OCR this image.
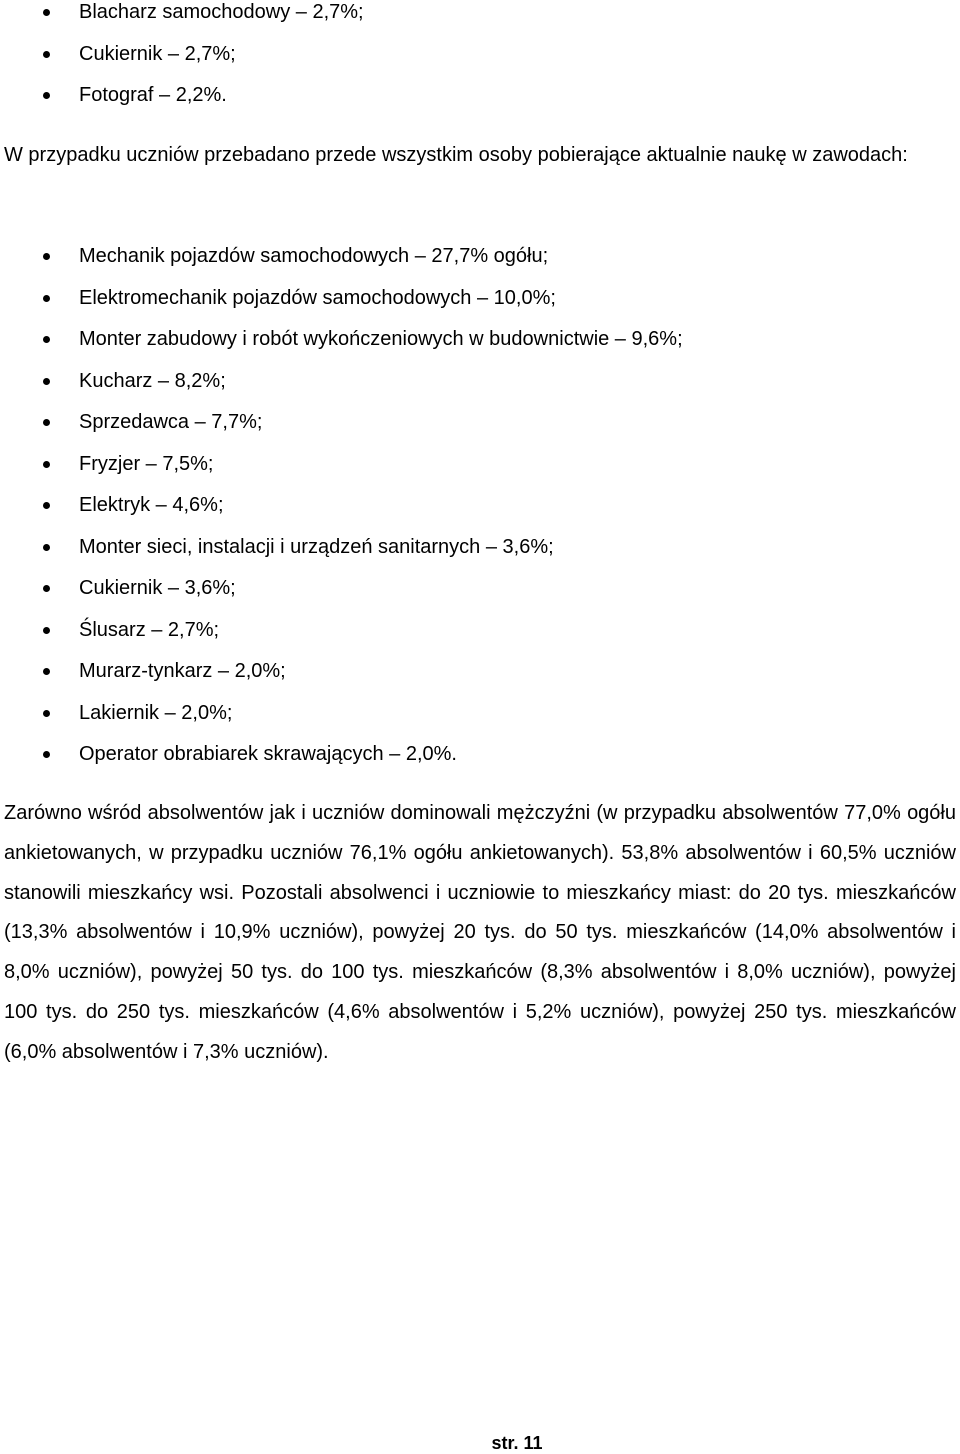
Blacharz samochodowy – 2,7%;
Cukiernik – 2,7%;
Fotograf – 2,2%.

W przypadku uczniów przebadano przede wszystkim osoby pobierające aktualnie naukę w zawodach:

Mechanik pojazdów samochodowych – 27,7% ogółu;
Elektromechanik pojazdów samochodowych – 10,0%;
Monter zabudowy i robót wykończeniowych w budownictwie – 9,6%;
Kucharz – 8,2%;
Sprzedawca – 7,7%;
Fryzjer – 7,5%;
Elektryk – 4,6%;
Monter sieci, instalacji i urządzeń sanitarnych – 3,6%;
Cukiernik – 3,6%;
Ślusarz – 2,7%;
Murarz-tynkarz – 2,0%;
Lakiernik – 2,0%;
Operator obrabiarek skrawających – 2,0%.

Zarówno wśród absolwentów jak i uczniów dominowali mężczyźni (w przypadku absolwentów 77,0% ogółu ankietowanych, w przypadku uczniów 76,1% ogółu ankietowanych). 53,8% absolwentów i 60,5% uczniów stanowili mieszkańcy wsi. Pozostali absolwenci i uczniowie to mieszkańcy miast: do 20 tys. mieszkańców (13,3% absolwentów i 10,9% uczniów), powyżej 20 tys. do 50 tys. mieszkańców (14,0% absolwentów i 8,0% uczniów), powyżej 50 tys. do 100 tys. mieszkańców (8,3% absolwentów i 8,0% uczniów), powyżej 100 tys. do 250 tys. mieszkańców (4,6% absolwentów i 5,2% uczniów), powyżej 250 tys. mieszkańców (6,0% absolwentów i 7,3% uczniów).

str. 11
